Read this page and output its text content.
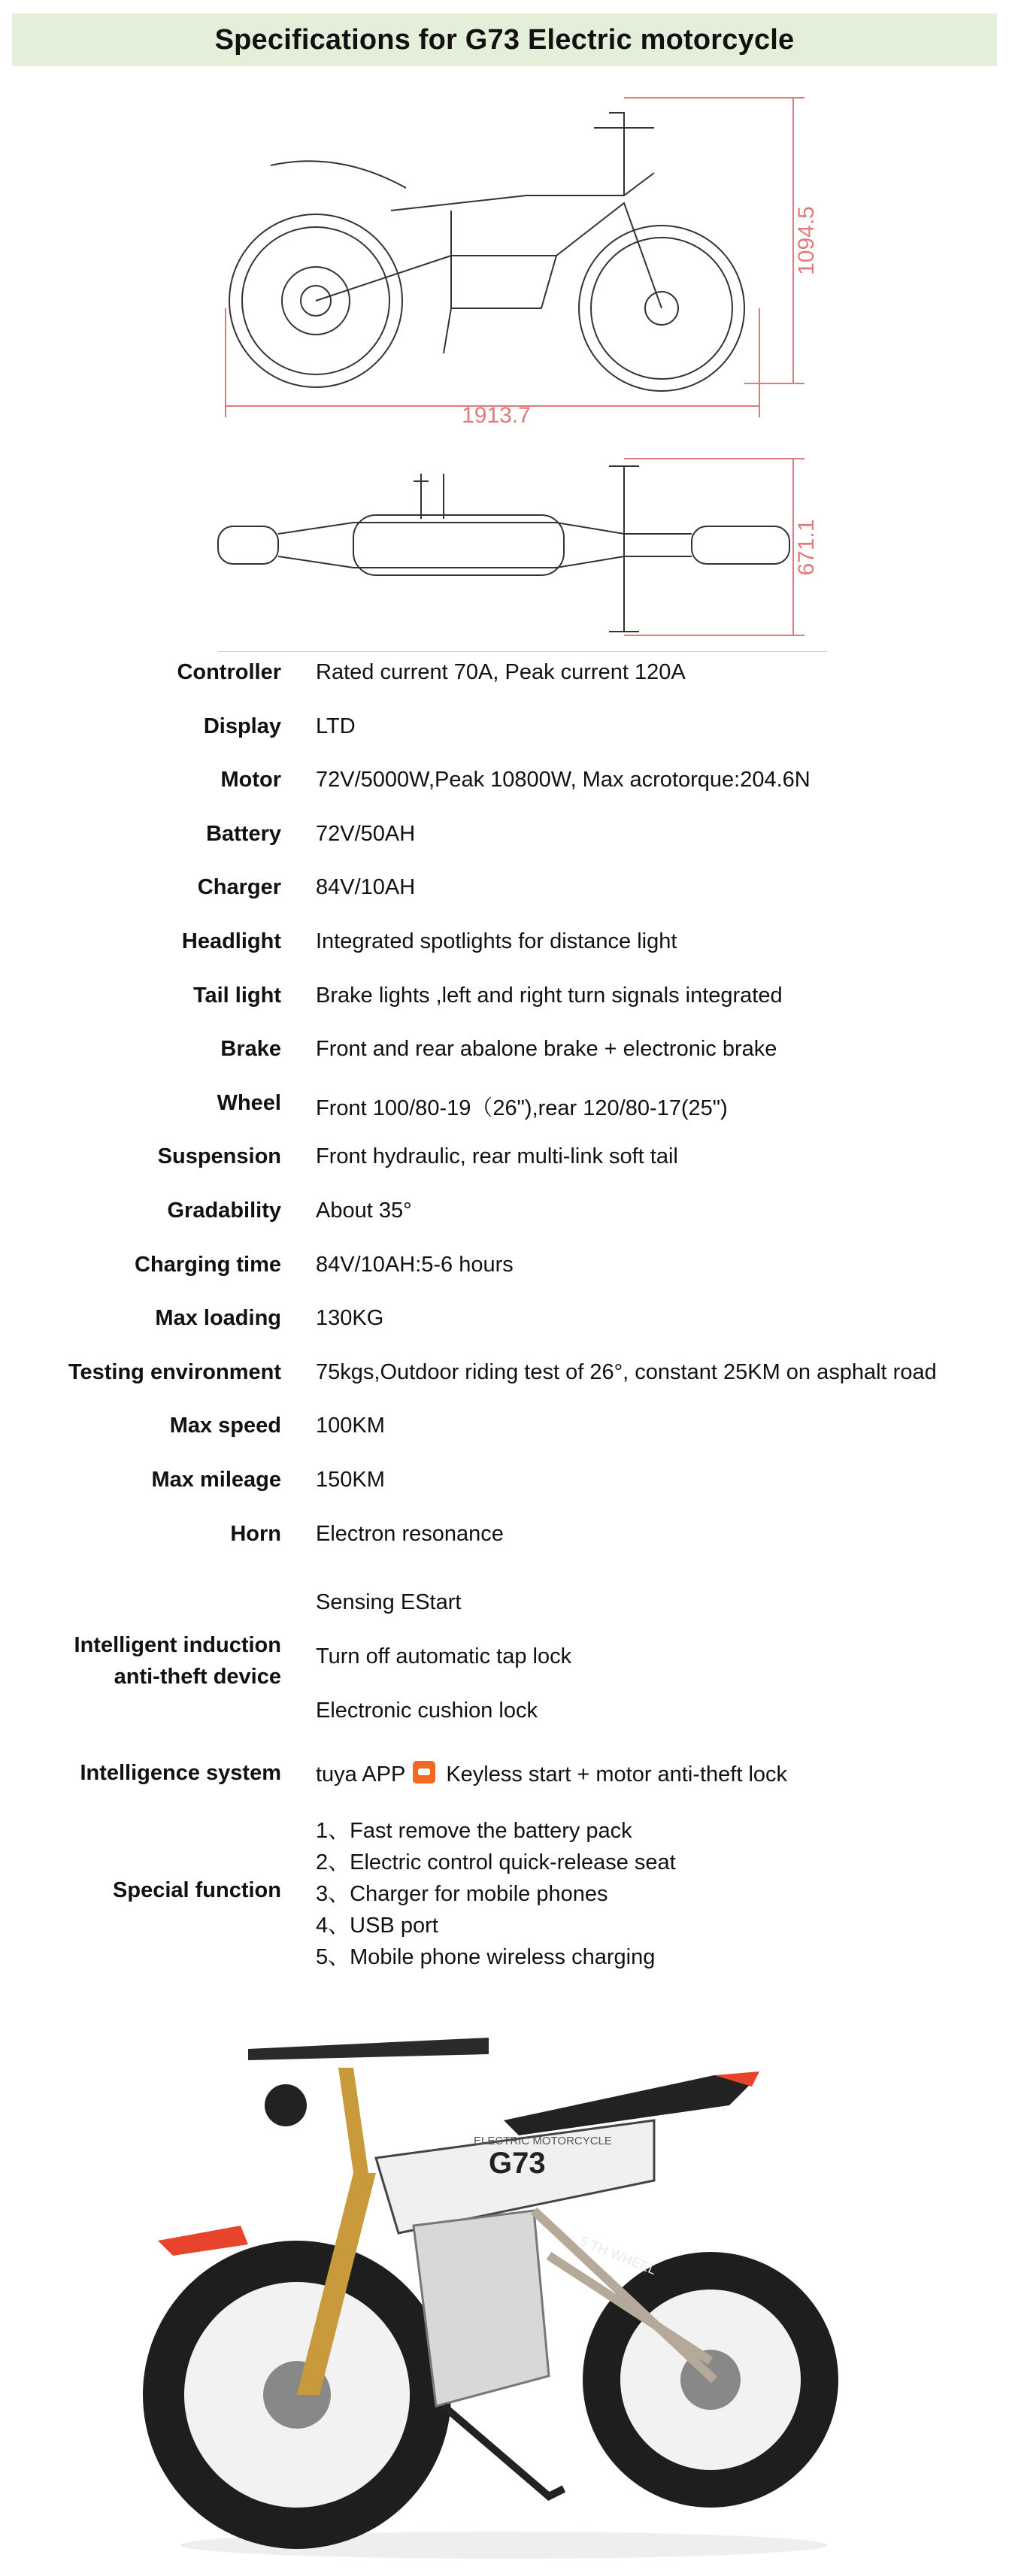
Specifications for G73 Electric motorcycle
1913.7
1094.5
671.1
Controller Rated current 70A, Peak current 120A
Display LTD
Motor 72V/5000W,Peak 10800W, Max acrotorque:204.6N
Battery 72V/50AH
Charger 84V/10AH
Headlight Integrated spotlights for distance light
Tail light Brake lights ,left and right turn signals integrated
Brake Front and rear abalone brake + electronic brake
Wheel Front 100/80-19（26"),rear 120/80-17(25")
Suspension Front hydraulic, rear multi-link soft tail
Gradability About 35°
Charging time 84V/10AH:5-6 hours
Max loading 130KG
Testing environment 75kgs,Outdoor riding test of 26°, constant 25KM on asphalt road
Max speed 100KM
Max mileage 150KM
Horn Electron resonance
Intelligent induction
anti-theft device
Sensing EStart
Turn off automatic tap lock
Electronic cushion lock
Intelligence system tuya APP Keyless start + motor anti-theft lock
Special function
1、Fast remove the battery pack
2、Electric control quick-release seat
3、Charger for mobile phones
4、USB port
5、Mobile phone wireless charging
G73
ELECTRIC MOTORCYCLE
5 TH WHEEL
